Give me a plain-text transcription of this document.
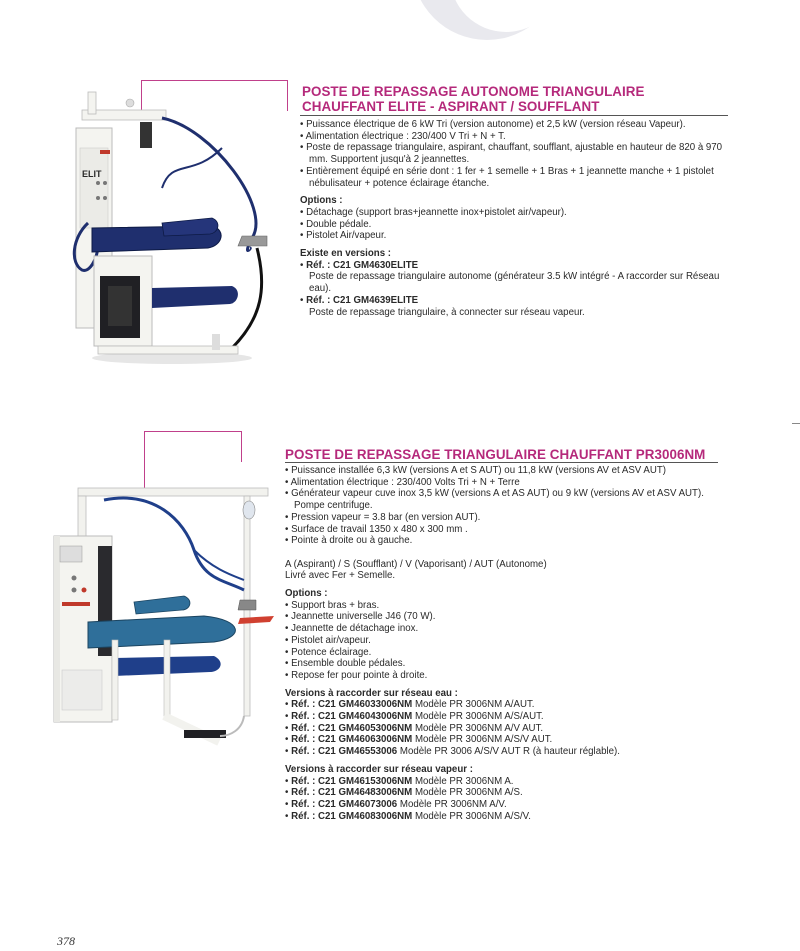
ELIT
POSTE DE REPASSAGE AUTONOME TRIANGULAIRE
CHAUFFANT ELITE - ASPIRANT / SOUFFLANT
• Puissance électrique de 6 kW Tri (version autonome) et 2,5 kW (version réseau Vapeur).
• Alimentation électrique : 230/400 V Tri + N + T.
• Poste de repassage triangulaire, aspirant, chauffant, soufflant, ajustable en hauteur de 820 à 970 mm. Supportent jusqu'à 2 jeannettes.
• Entièrement équipé en série dont : 1 fer + 1 semelle + 1 Bras + 1 jeannette manche + 1 pistolet nébulisateur + potence éclairage étanche.
Options :
• Détachage (support bras+jeannette inox+pistolet air/vapeur).
• Double pédale.
• Pistolet Air/vapeur.
Existe en versions :
• Réf. : C21 GM4630ELITE
Poste de repassage triangulaire autonome (générateur 3.5 kW intégré - A raccorder sur Réseau eau).
• Réf. : C21 GM4639ELITE
Poste de repassage triangulaire, à connecter sur réseau vapeur.
POSTE DE REPASSAGE TRIANGULAIRE CHAUFFANT PR3006NM
• Puissance installée 6,3 kW (versions A et S AUT) ou 11,8 kW (versions AV et ASV AUT)
• Alimentation électrique : 230/400 Volts Tri + N + Terre
• Générateur vapeur cuve inox 3,5 kW (versions A et AS AUT) ou 9 kW (versions AV et ASV AUT). Pompe centrifuge.
• Pression vapeur = 3.8 bar (en version AUT).
• Surface de travail 1350 x 480 x 300 mm .
• Pointe à droite ou à gauche.
A (Aspirant) / S (Soufflant) / V (Vaporisant) / AUT (Autonome)
Livré avec Fer + Semelle.
Options :
• Support bras + bras.
• Jeannette universelle J46 (70 W).
• Jeannette de détachage inox.
• Pistolet air/vapeur.
• Potence éclairage.
• Ensemble double pédales.
• Repose fer pour pointe à droite.
Versions à raccorder sur réseau eau :
• Réf. : C21 GM46033006NM Modèle PR 3006NM A/AUT.
• Réf. : C21 GM46043006NM Modèle PR 3006NM A/S/AUT.
• Réf. : C21 GM46053006NM Modèle PR 3006NM A/V AUT.
• Réf. : C21 GM46063006NM Modèle PR 3006NM A/S/V AUT.
• Réf. : C21 GM46553006 Modèle PR 3006 A/S/V AUT R (à hauteur réglable).
Versions à raccorder sur réseau vapeur :
• Réf. : C21 GM46153006NM Modèle PR 3006NM A.
• Réf. : C21 GM46483006NM Modèle PR 3006NM A/S.
• Réf. : C21 GM46073006 Modèle PR 3006NM A/V.
• Réf. : C21 GM46083006NM Modèle PR 3006NM A/S/V.
378
